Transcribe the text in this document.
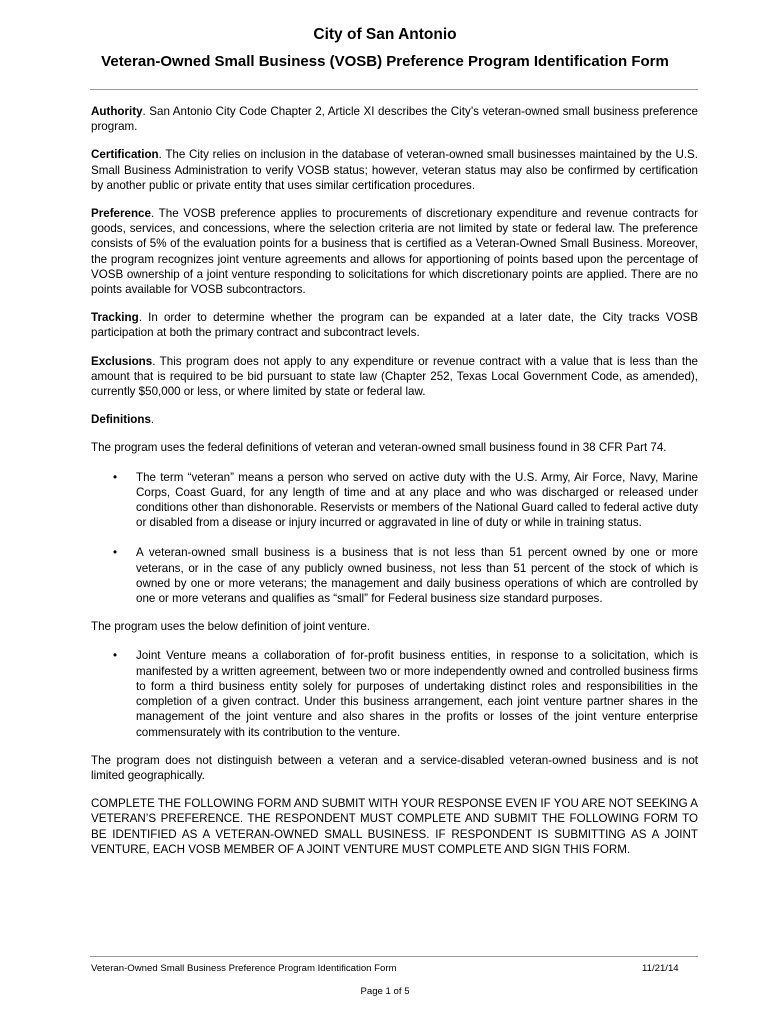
City of San Antonio
Veteran-Owned Small Business (VOSB) Preference Program Identification Form

Authority. San Antonio City Code Chapter 2, Article XI describes the City’s veteran-owned small business preference program.

Certification. The City relies on inclusion in the database of veteran-owned small businesses maintained by the U.S. Small Business Administration to verify VOSB status; however, veteran status may also be confirmed by certification by another public or private entity that uses similar certification procedures.

Preference. The VOSB preference applies to procurements of discretionary expenditure and revenue contracts for goods, services, and concessions, where the selection criteria are not limited by state or federal law. The preference consists of 5% of the evaluation points for a business that is certified as a Veteran-Owned Small Business. Moreover, the program recognizes joint venture agreements and allows for apportioning of points based upon the percentage of VOSB ownership of a joint venture responding to solicitations for which discretionary points are applied. There are no points available for VOSB subcontractors.

Tracking. In order to determine whether the program can be expanded at a later date, the City tracks VOSB participation at both the primary contract and subcontract levels.

Exclusions. This program does not apply to any expenditure or revenue contract with a value that is less than the amount that is required to be bid pursuant to state law (Chapter 252, Texas Local Government Code, as amended), currently $50,000 or less, or where limited by state or federal law.

Definitions.

The program uses the federal definitions of veteran and veteran-owned small business found in 38 CFR Part 74.

• The term “veteran” means a person who served on active duty with the U.S. Army, Air Force, Navy, Marine Corps, Coast Guard, for any length of time and at any place and who was discharged or released under conditions other than dishonorable. Reservists or members of the National Guard called to federal active duty or disabled from a disease or injury incurred or aggravated in line of duty or while in training status.
• A veteran-owned small business is a business that is not less than 51 percent owned by one or more veterans, or in the case of any publicly owned business, not less than 51 percent of the stock of which is owned by one or more veterans; the management and daily business operations of which are controlled by one or more veterans and qualifies as “small” for Federal business size standard purposes.

The program uses the below definition of joint venture.

• Joint Venture means a collaboration of for-profit business entities, in response to a solicitation, which is manifested by a written agreement, between two or more independently owned and controlled business firms to form a third business entity solely for purposes of undertaking distinct roles and responsibilities in the completion of a given contract. Under this business arrangement, each joint venture partner shares in the management of the joint venture and also shares in the profits or losses of the joint venture enterprise commensurately with its contribution to the venture.

The program does not distinguish between a veteran and a service-disabled veteran-owned business and is not limited geographically.

COMPLETE THE FOLLOWING FORM AND SUBMIT WITH YOUR RESPONSE EVEN IF YOU ARE NOT SEEKING A VETERAN’S PREFERENCE. THE RESPONDENT MUST COMPLETE AND SUBMIT THE FOLLOWING FORM TO BE IDENTIFIED AS A VETERAN-OWNED SMALL BUSINESS. IF RESPONDENT IS SUBMITTING AS A JOINT VENTURE, EACH VOSB MEMBER OF A JOINT VENTURE MUST COMPLETE AND SIGN THIS FORM.

Veteran-Owned Small Business Preference Program Identification Form	11/21/14
Page 1 of 5
